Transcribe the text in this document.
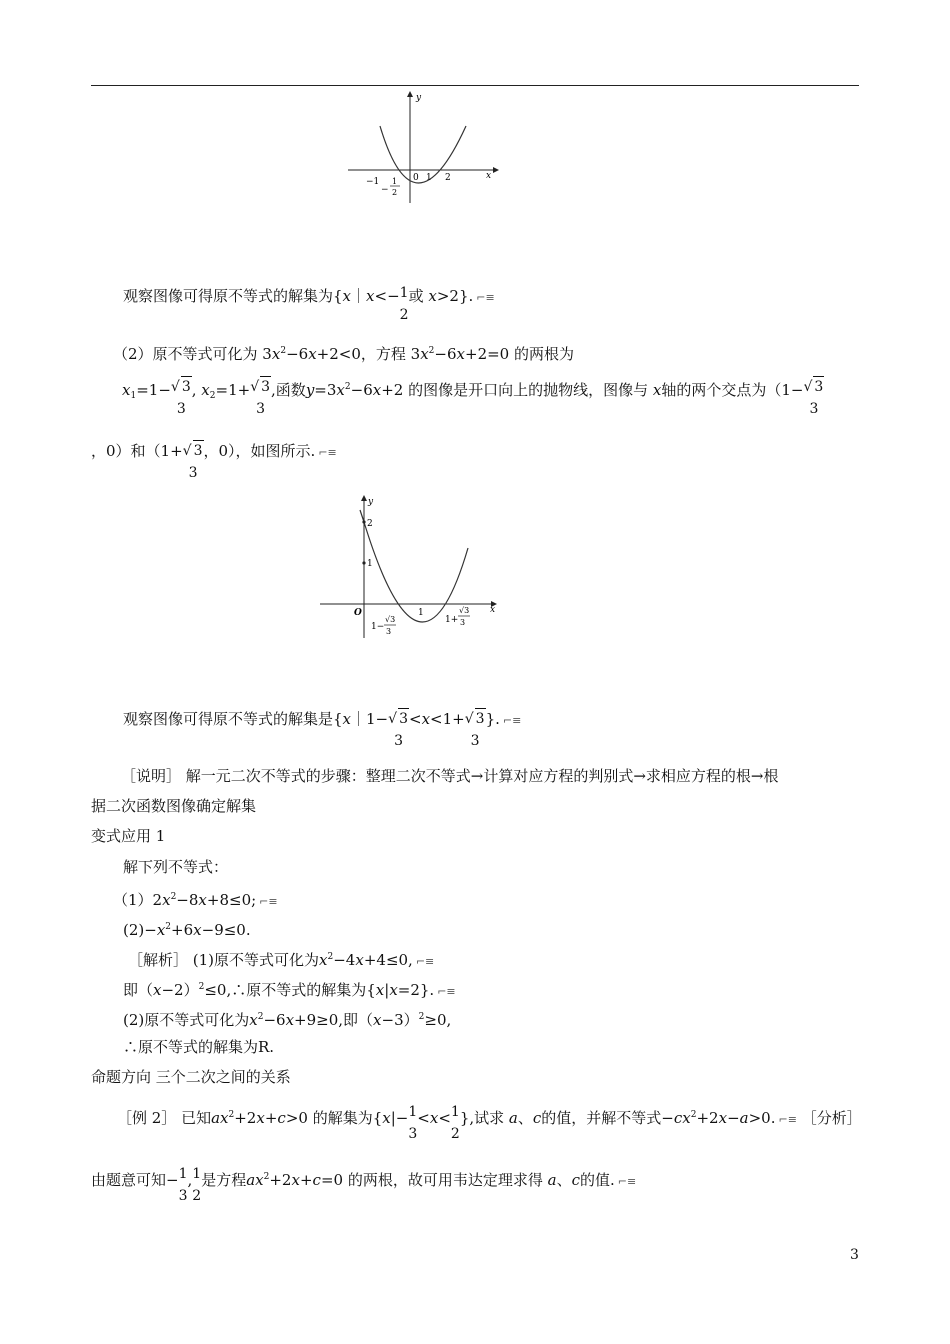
y
x
−1
−
1
2
0 1 2
观察图像可得原不等式的解集为{x｜x<− 1
2
或 x>2}. ⌐≡
（2）原不等式可化为 $3x^2-6x+2<0$，方程 $3x^2-6x+2=0$ 的两根为
$x_1=1-$ √ 3
3
, $x_2=1+$ √ 3
3
,函数$y=3x^2-6x+2$ 的图像是开口向上的抛物线，图像与 x轴的两个交点为（1− √ 3
3
，0）和（1+ √ 3
3
，0），如图所示. ⌐≡
y
x
O
2
1
1
1−
√3
3
1+
√3
3
观察图像可得原不等式的解集是{x｜1− √ 3
3
<x<1+ √ 3
3
}. ⌐≡
［说明］ 解一元二次不等式的步骤：整理二次不等式→计算对应方程的判别式→求相应方程的根→根
据二次函数图像确定解集
变式应用 1
解下列不等式：
$(1)2x^2-8x+8\le 0$; ⌐≡
$(2)-x^2+6x-9\le 0$.
［解析］ (1)原不等式可化为$x^2-4x+4\le 0$, ⌐≡
即$(x-2)^2\le 0,\therefore$原不等式的解集为{x|x=2}. ⌐≡
(2)原不等式可化为$x^2-6x+9\ge 0$,即$(x-3)^2\ge 0$,
∴原不等式的解集为R.
命题方向 三个二次之间的关系
［例 2］ 已知$ax^2+2x+c>0$ 的解集为{x|− 1
3
<x< 1
2
},试求 a、c的值，并解不等式$-cx^2+2x-a>0$. ⌐≡ ［分析］
由题意可知− 1
3
, 1
2
是方程$ax^2+2x+c=0$ 的两根，故可用韦达定理求得 a、c的值. ⌐≡
3
